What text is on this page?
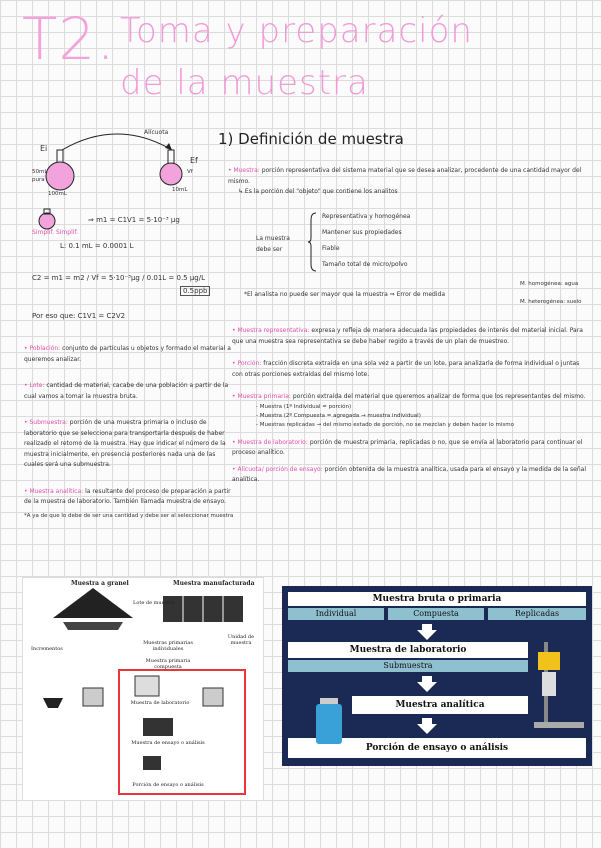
T2. Toma y preparación
de la muestra
Ei
Ef
Alícuota
50mL
pura
100mL
10mL
Vf
Simplif. Simplif.
⇒ m1 = C1V1 = 5·10⁻³ µg
L: 0.1 mL = 0.0001 L
C2 = m1 = m2 / Vf = 5·10⁻³µg / 0.01L = 0.5 µg/L
0.5ppb
Por eso que: C1V1 = C2V2
• Población: conjunto de partículas u objetos y formado el material a queremos analizar.
• Lote: cantidad de material, cacabe de una población a partir de la cual vamos a tomar la muestra bruta.
• Submuestra: porción de una muestra primaria o incluso de laboratorio que se selecciona para transportarla después de haber realizado el retomo de la muestra. Hay que indicar el número de la muestra inicialmente, en presencia posteriores nada una de las cuales será una submuestra.
• Muestra analítica: la resultante del proceso de preparación a partir de la muestra de laboratorio. También llamada muestra de ensayo.
*A ya de que lo debe de ser una cantidad y debe ser al seleccionar muestra
1) Definición de muestra
• Muestra: porción representativa del sistema material que se desea analizar, procedente de una cantidad mayor del mismo.
↳ Es la porción del "objeto" que contiene los analitos
La muestra debe ser
Representativa y homogénea
Mantener sus propiedades
Fiable
Tamaño total de micro/polvo
*El analista no puede ser mayor que la muestra ⇒ Error de medida
M. homogénea: agua
M. heterogénea: suelo
• Muestra representativa: expresa y refleja de manera adecuada las propiedades de interés del material inicial. Para que una muestra sea representativa se debe haber regido a través de un plan de muestreo.
• Porción: fracción discreta extraída en una sola vez a partir de un lote, para analizarla de forma individual o juntas con otras porciones extraídas del mismo lote.
• Muestra primaria: porción extraída del material que queremos analizar de forma que los representantes del mismo.
- Muestra (1º Individual = porción)
- Muestra (2º Compuesta = agregada → muestra individual)
- Muestras replicadas → del mismo estado de porción, no se mezclan y deben hacer lo mismo
• Muestra de laboratorio: porción de muestra primaria, replicadas o no, que se envía al laboratorio para continuar el proceso analítico.
• Alícuota/ porción de ensayo: porción obtenida de la muestra analítica, usada para el ensayo y la medida de la señal analítica.
Muestra a granel	Muestra manufacturada
Lote de muestra
Incrementos
Unidad de muestra
Muestras primarias individuales
Muestra primaria compuesta
Muestra de laboratorio
Muestra de ensayo o análisis
Porción de ensayo o análisis
Muestra bruta o primaria
Individual	Compuesta	Replicadas
Muestra de laboratorio
Submuestra
Muestra analítica
Porción de ensayo o análisis
